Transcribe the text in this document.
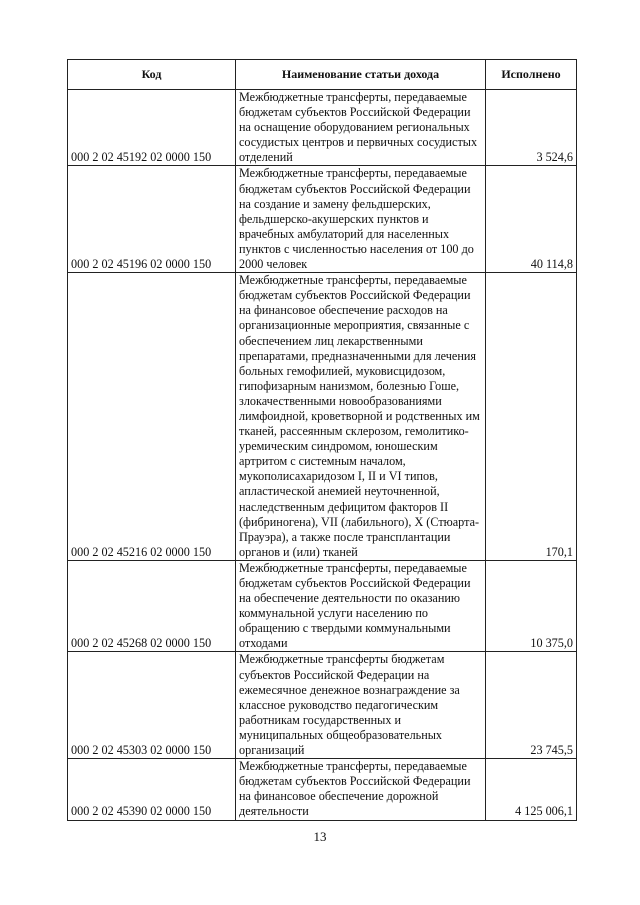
Код	Наименование статьи дохода	Исполнено
000 2 02 45192 02 0000 150	Межбюджетные трансферты, передаваемые бюджетам субъектов Российской Федерации на оснащение оборудованием региональных сосудистых центров и первичных сосудистых отделений	3 524,6
000 2 02 45196 02 0000 150	Межбюджетные трансферты, передаваемые бюджетам субъектов Российской Федерации на создание и замену фельдшерских, фельдшерско-акушерских пунктов и врачебных амбулаторий для населенных пунктов с численностью населения от 100 до 2000 человек	40 114,8
000 2 02 45216 02 0000 150	Межбюджетные трансферты, передаваемые бюджетам субъектов Российской Федерации на финансовое обеспечение расходов на организационные мероприятия, связанные с обеспечением лиц лекарственными препаратами, предназначенными для лечения больных гемофилией, муковисцидозом, гипофизарным нанизмом, болезнью Гоше, злокачественными новообразованиями лимфоидной, кроветворной и родственных им тканей, рассеянным склерозом, гемолитико-уремическим синдромом, юношеским артритом с системным началом, мукополисахаридозом I, II и VI типов, апластической анемией неуточненной, наследственным дефицитом факторов II (фибриногена), VII (лабильного), X (Стюарта-Прауэра), а также после трансплантации органов и (или) тканей	170,1
000 2 02 45268 02 0000 150	Межбюджетные трансферты, передаваемые бюджетам субъектов Российской Федерации на обеспечение деятельности по оказанию коммунальной услуги населению по обращению с твердыми коммунальными отходами	10 375,0
000 2 02 45303 02 0000 150	Межбюджетные трансферты бюджетам субъектов Российской Федерации на ежемесячное денежное вознаграждение за классное руководство педагогическим работникам государственных и муниципальных общеобразовательных организаций	23 745,5
000 2 02 45390 02 0000 150	Межбюджетные трансферты, передаваемые бюджетам субъектов Российской Федерации на финансовое обеспечение дорожной деятельности	4 125 006,1
13
